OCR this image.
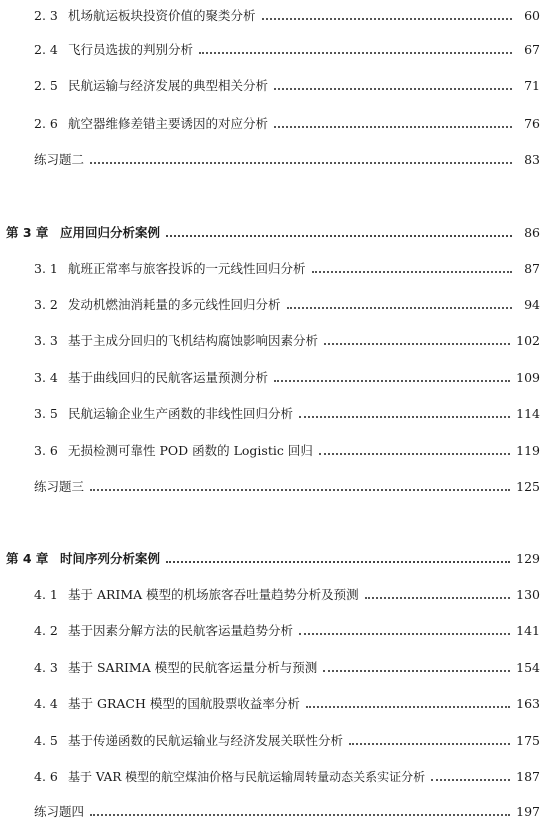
2. 3 机场航运板块投资价值的聚类分析	60
2. 4 飞行员选拔的判别分析	67
2. 5 民航运输与经济发展的典型相关分析	71
2. 6 航空器维修差错主要诱因的对应分析	76
练习题二	83
第 3 章 应用回归分析案例	86
3. 1 航班正常率与旅客投诉的一元线性回归分析	87
3. 2 发动机燃油消耗量的多元线性回归分析	94
3. 3 基于主成分回归的飞机结构腐蚀影响因素分析	102
3. 4 基于曲线回归的民航客运量预测分析	109
3. 5 民航运输企业生产函数的非线性回归分析	114
3. 6 无损检测可靠性 POD 函数的 Logistic 回归	119
练习题三	125
第 4 章 时间序列分析案例	129
4. 1 基于 ARIMA 模型的机场旅客吞吐量趋势分析及预测	130
4. 2 基于因素分解方法的民航客运量趋势分析	141
4. 3 基于 SARIMA 模型的民航客运量分析与预测	154
4. 4 基于 GRACH 模型的国航股票收益率分析	163
4. 5 基于传递函数的民航运输业与经济发展关联性分析	175
4. 6 基于 VAR 模型的航空煤油价格与民航运输周转量动态关系实证分析	187
练习题四	197
